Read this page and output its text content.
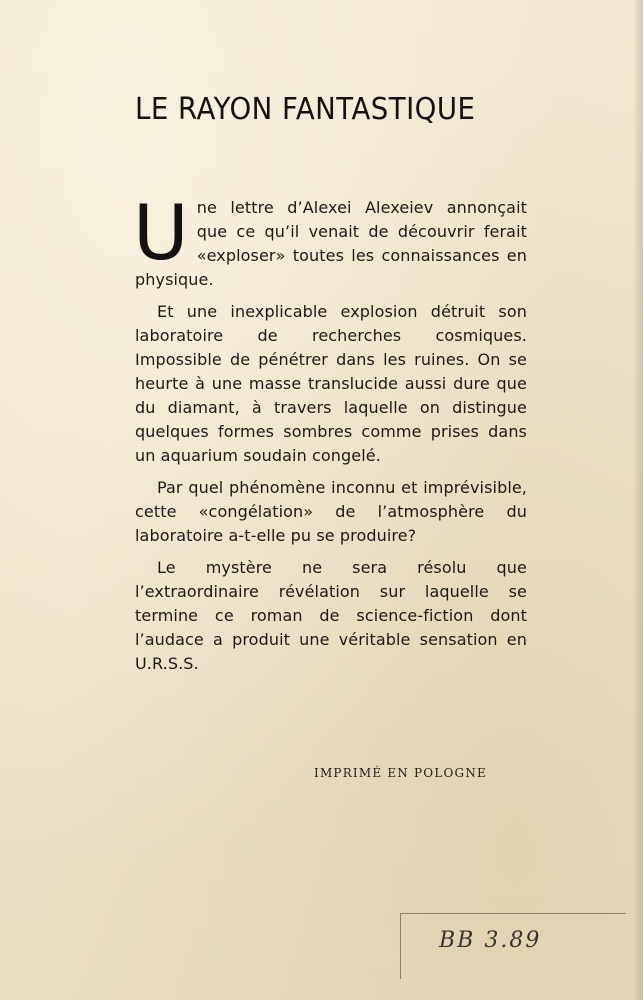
LE RAYON FANTASTIQUE

Une lettre d’Alexei Alexeiev annonçait que ce qu’il venait de découvrir ferait «exploser» toutes les connaissances en physique.

Et une inexplicable explosion détruit son laboratoire de recherches cosmiques. Impossible de pénétrer dans les ruines. On se heurte à une masse translucide aussi dure que du diamant, à travers laquelle on distingue quelques formes sombres comme prises dans un aquarium soudain congelé.

Par quel phénomène inconnu et imprévisible, cette «congélation» de l’atmosphère du laboratoire a-t-elle pu se produire?

Le mystère ne sera résolu que l’extraordinaire révélation sur laquelle se termine ce roman de science-fiction dont l’audace a produit une véritable sensation en U.R.S.S.

IMPRIMÉ EN POLOGNE
BB 3.89
